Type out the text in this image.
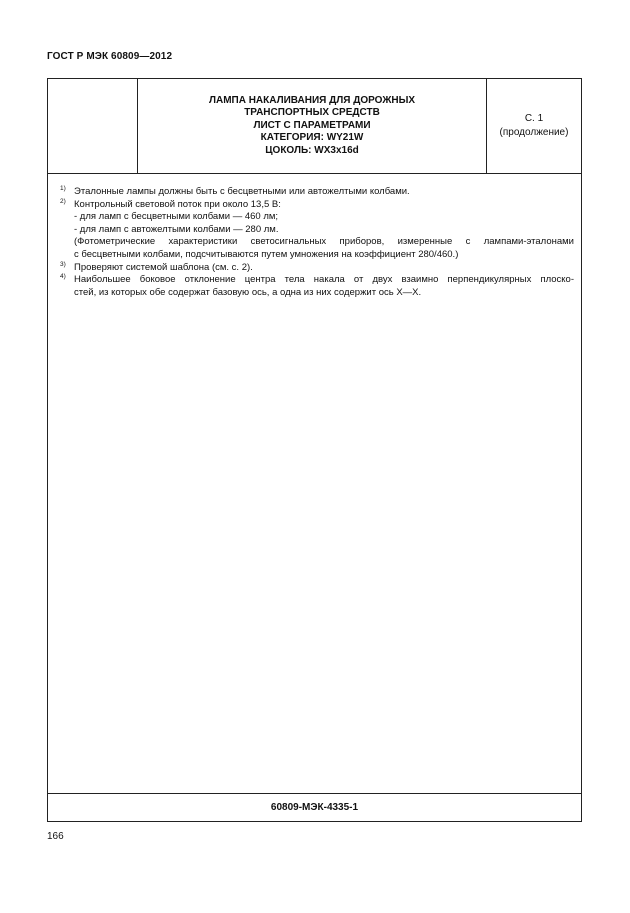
ГОСТ Р МЭК 60809—2012
ЛАМПА НАКАЛИВАНИЯ ДЛЯ ДОРОЖНЫХ
ТРАНСПОРТНЫХ СРЕДСТВ
ЛИСТ С ПАРАМЕТРАМИ
КАТЕГОРИЯ: WY21W
ЦОКОЛЬ: WX3x16d
С. 1
(продолжение)
1) Эталонные лампы должны быть с бесцветными или автожелтыми колбами.
2) Контрольный световой поток при около 13,5 В:
- для ламп с бесцветными колбами — 460 лм;
- для ламп с автожелтыми колбами — 280 лм.
(Фотометрические характеристики светосигнальных приборов, измеренные с лампами-эталонами
с бесцветными колбами, подсчитываются путем умножения на коэффициент 280/460.)
3) Проверяют системой шаблона (см. с. 2).
4) Наибольшее боковое отклонение центра тела накала от двух взаимно перпендикулярных плоско-
стей, из которых обе содержат базовую ось, а одна из них содержит ось X—X.
60809-МЭК-4335-1
166
